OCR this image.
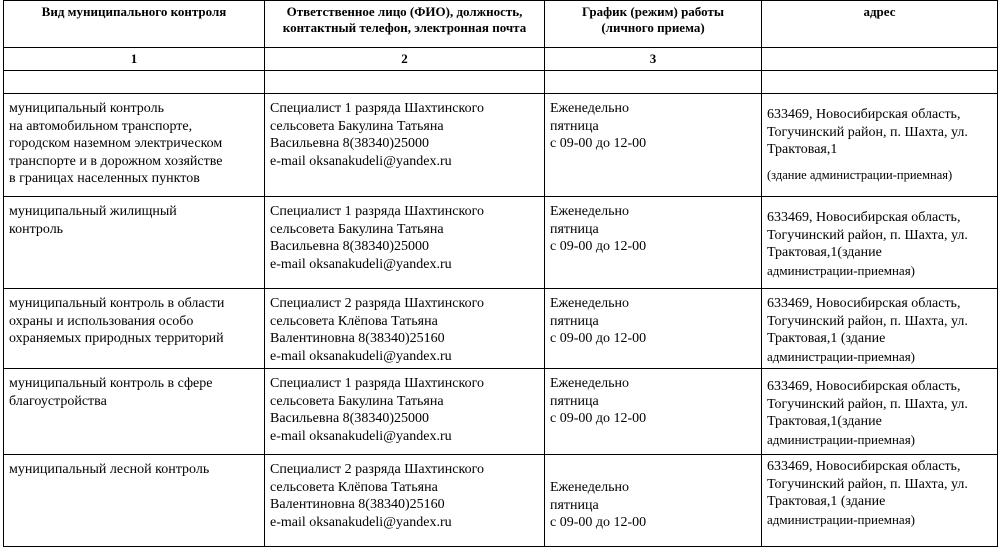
Вид муниципального контроля	Ответственное лицо (ФИО), должность,
контактный телефон, электронная почта	График (режим) работы
(личного приема)	адрес
1	2	3	

муниципальный контроль
на автомобильном транспорте,
городском наземном электрическом
транспорте и в дорожном хозяйстве
в границах населенных пунктов	Специалист 1 разряда Шахтинского
сельсовета Бакулина Татьяна
Васильевна 8(38340)25000
e-mail oksanakudeli@yandex.ru	Еженедельно
пятница
с 09-00 до 12-00	633469, Новосибирская область,
Тогучинский район, п. Шахта, ул.
Трактовая,1
(здание администрации-приемная)

муниципальный жилищный
контроль	Специалист 1 разряда Шахтинского
сельсовета Бакулина Татьяна
Васильевна 8(38340)25000
e-mail oksanakudeli@yandex.ru	Еженедельно
пятница
с 09-00 до 12-00	633469, Новосибирская область,
Тогучинский район, п. Шахта, ул.
Трактовая,1(здание
администрации-приемная)

муниципальный контроль в области
охраны и использования особо
охраняемых природных территорий	Специалист 2 разряда Шахтинского
сельсовета Клёпова Татьяна
Валентиновна 8(38340)25160
e-mail oksanakudeli@yandex.ru	Еженедельно
пятница
с 09-00 до 12-00	633469, Новосибирская область,
Тогучинский район, п. Шахта, ул.
Трактовая,1 (здание
администрации-приемная)

муниципальный контроль в сфере
благоустройства	Специалист 1 разряда Шахтинского
сельсовета Бакулина Татьяна
Васильевна 8(38340)25000
e-mail oksanakudeli@yandex.ru	Еженедельно
пятница
с 09-00 до 12-00	633469, Новосибирская область,
Тогучинский район, п. Шахта, ул.
Трактовая,1(здание
администрации-приемная)

муниципальный лесной контроль	Специалист 2 разряда Шахтинского
сельсовета Клёпова Татьяна
Валентиновна 8(38340)25160
e-mail oksanakudeli@yandex.ru	Еженедельно
пятница
с 09-00 до 12-00	633469, Новосибирская область,
Тогучинский район, п. Шахта, ул.
Трактовая,1 (здание
администрации-приемная)
